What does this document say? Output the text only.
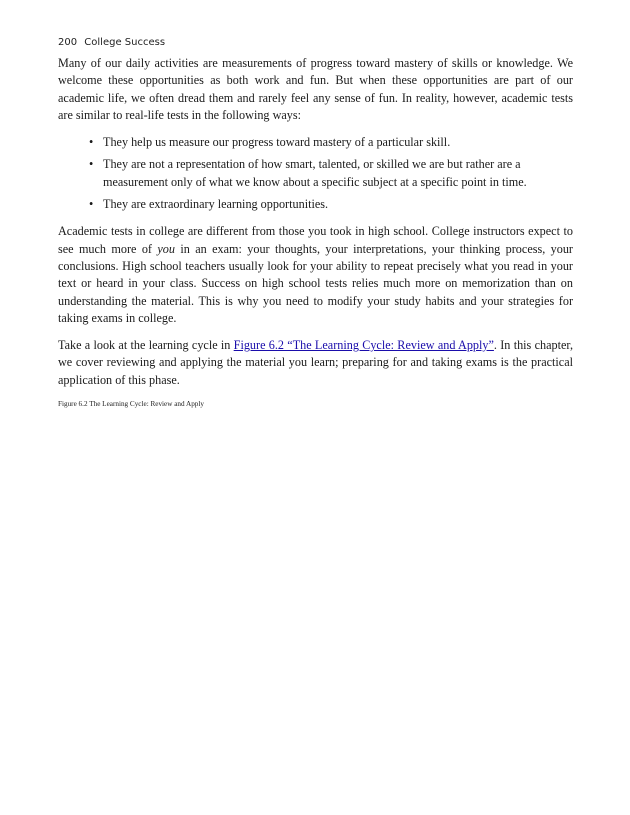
200 College Success

Many of our daily activities are measurements of progress toward mastery of skills or knowledge. We welcome these opportunities as both work and fun. But when these opportunities are part of our academic life, we often dread them and rarely feel any sense of fun. In reality, however, academic tests are similar to real-life tests in the following ways:

• They help us measure our progress toward mastery of a particular skill.
• They are not a representation of how smart, talented, or skilled we are but rather are a measurement only of what we know about a specific subject at a specific point in time.
• They are extraordinary learning opportunities.

Academic tests in college are different from those you took in high school. College instructors expect to see much more of you in an exam: your thoughts, your interpretations, your thinking process, your conclusions. High school teachers usually look for your ability to repeat precisely what you read in your text or heard in your class. Success on high school tests relies much more on memorization than on understanding the material. This is why you need to modify your study habits and your strategies for taking exams in college.

Take a look at the learning cycle in Figure 6.2 “The Learning Cycle: Review and Apply”. In this chapter, we cover reviewing and applying the material you learn; preparing for and taking exams is the practical application of this phase.

Figure 6.2 The Learning Cycle: Review and Apply
